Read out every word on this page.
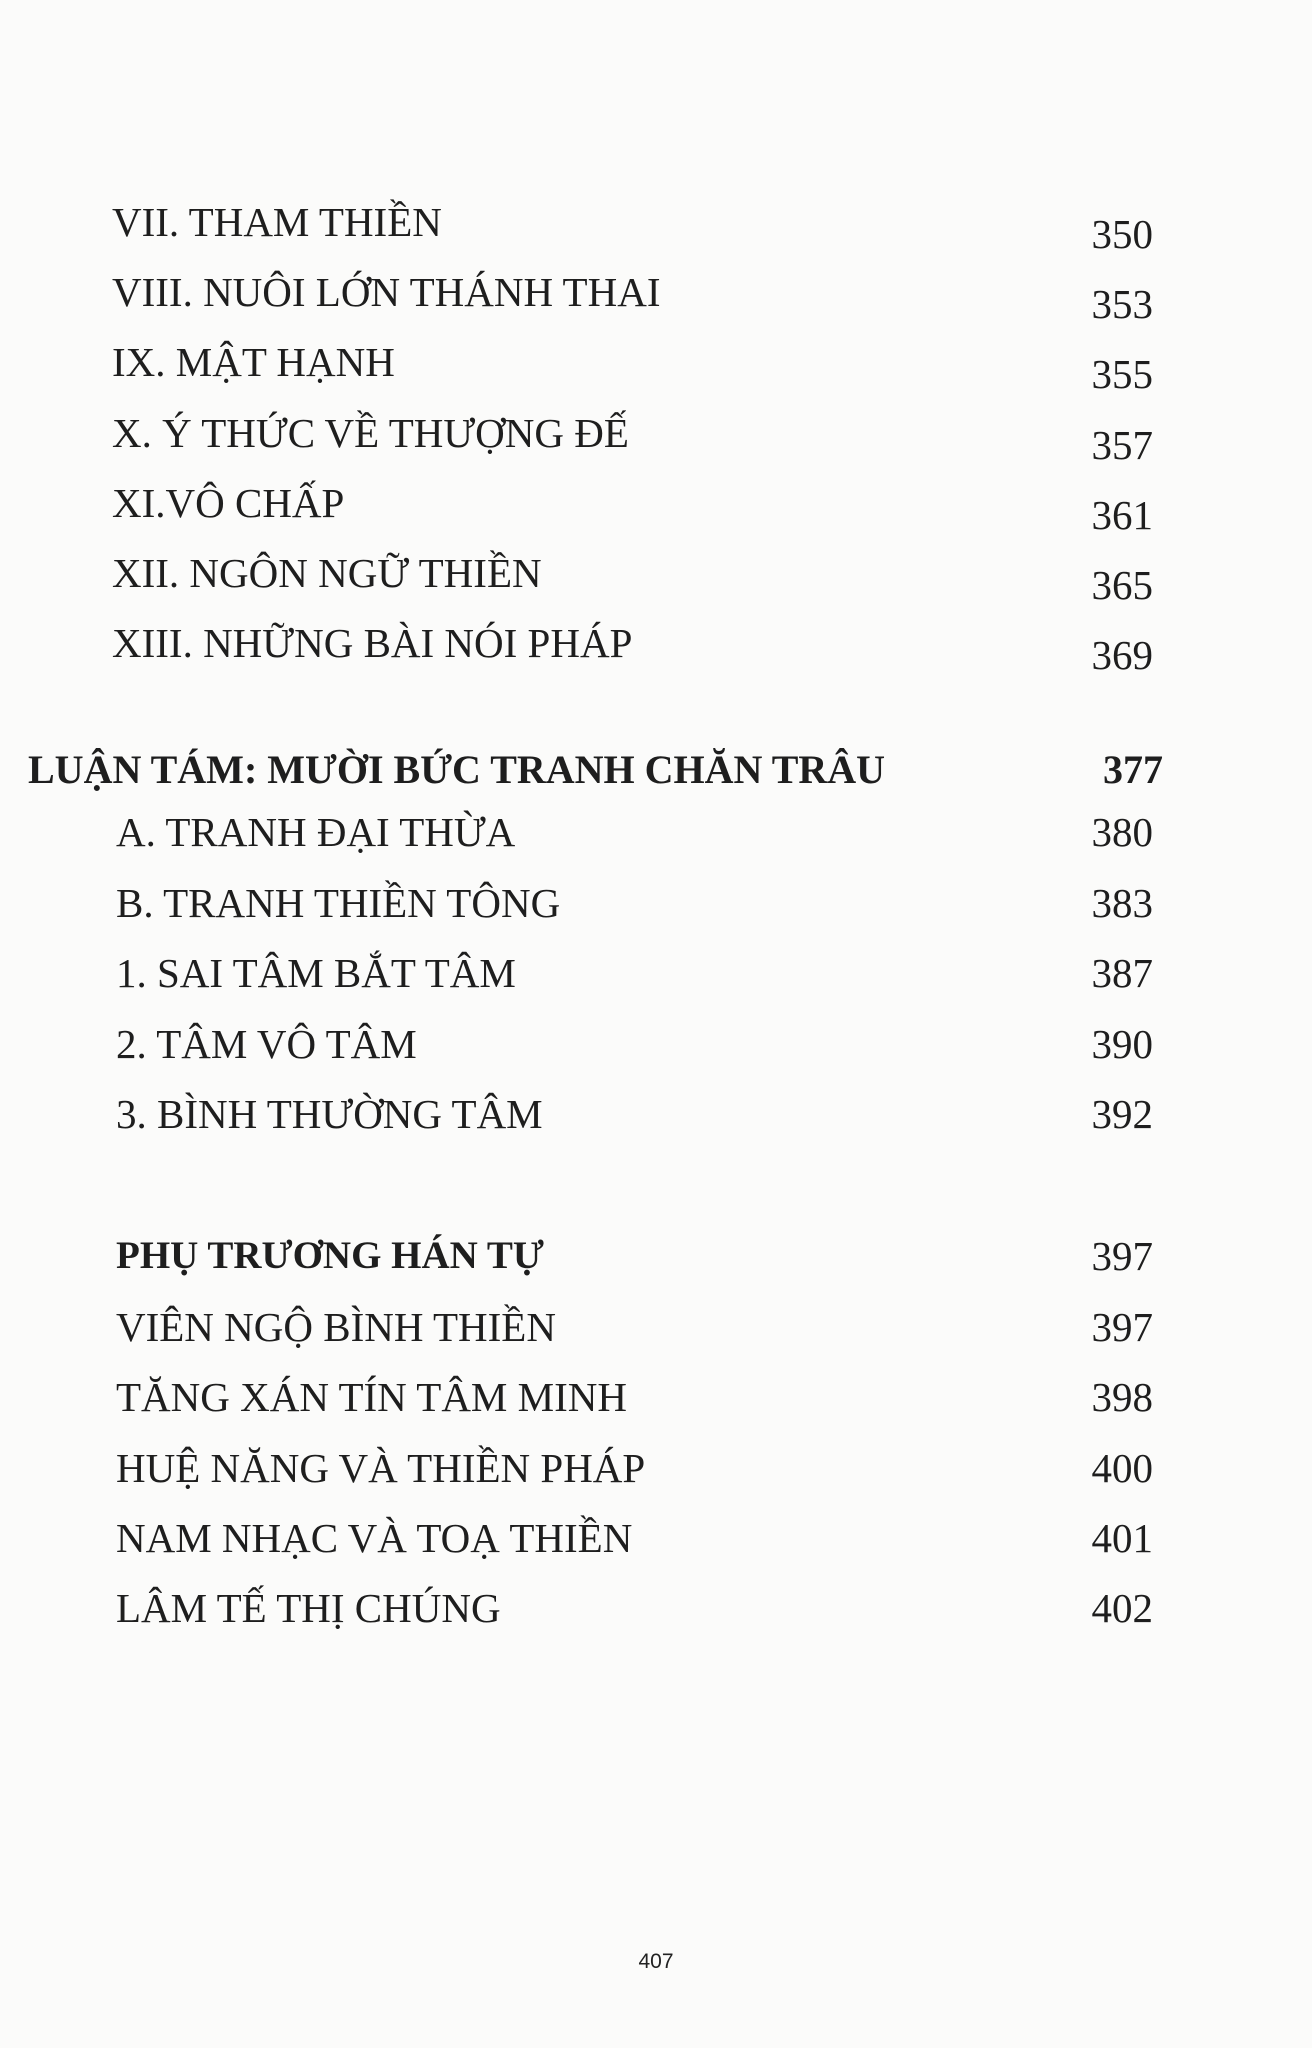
VII. THAM THIỀN	350
VIII. NUÔI LỚN THÁNH THAI	353
IX. MẬT HẠNH	355
X. Ý THỨC VỀ THƯỢNG ĐẾ	357
XI.VÔ CHẤP	361
XII. NGÔN NGỮ THIỀN	365
XIII. NHỮNG BÀI NÓI PHÁP	369
LUẬN TÁM: MƯỜI BỨC TRANH CHĂN TRÂU	377
A. TRANH ĐẠI THỪA	380
B. TRANH THIỀN TÔNG	383
1. SAI TÂM BẮT TÂM	387
2. TÂM VÔ TÂM	390
3. BÌNH THƯỜNG TÂM	392
PHỤ TRƯƠNG HÁN TỰ	397
VIÊN NGỘ BÌNH THIỀN	397
TĂNG XÁN TÍN TÂM MINH	398
HUỆ NĂNG VÀ THIỀN PHÁP	400
NAM NHẠC VÀ TOẠ THIỀN	401
LÂM TẾ THỊ CHÚNG	402
407
